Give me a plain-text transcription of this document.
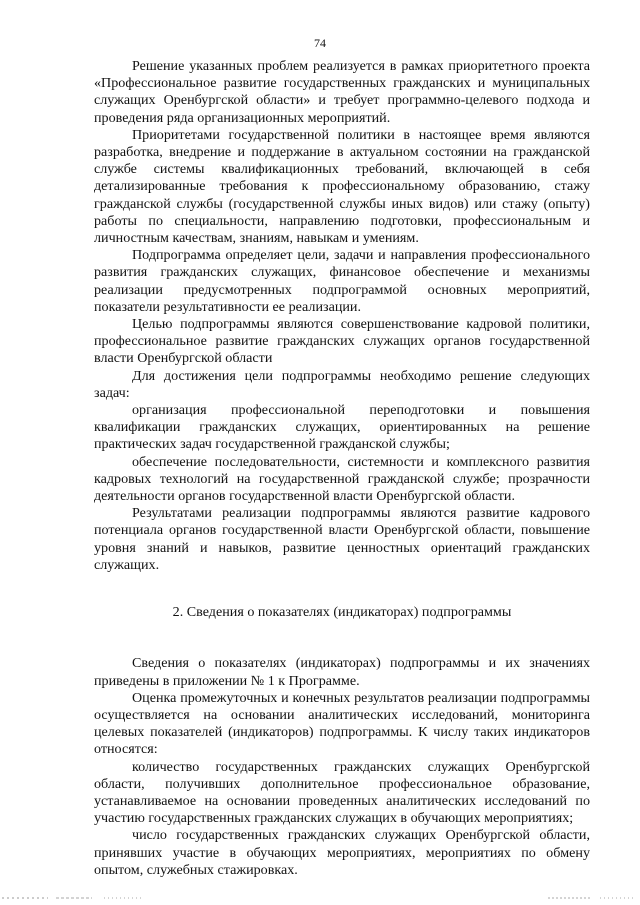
74

Решение указанных проблем реализуется в рамках приоритетного проекта «Профессиональное развитие государственных гражданских и муниципальных служащих Оренбургской области» и требует программно-целевого подхода и проведения ряда организационных мероприятий.

Приоритетами государственной политики в настоящее время являются разработка, внедрение и поддержание в актуальном состоянии на гражданской службе системы квалификационных требований, включающей в себя детализированные требования к профессиональному образованию, стажу гражданской службы (государственной службы иных видов) или стажу (опыту) работы по специальности, направлению подготовки, профессиональным и личностным качествам, знаниям, навыкам и умениям.

Подпрограмма определяет цели, задачи и направления профессионального развития гражданских служащих, финансовое обеспечение и механизмы реализации предусмотренных подпрограммой основных мероприятий, показатели результативности ее реализации.

Целью подпрограммы являются совершенствование кадровой политики, профессиональное развитие гражданских служащих органов государственной власти Оренбургской области

Для достижения цели подпрограммы необходимо решение следующих задач:

организация профессиональной переподготовки и повышения квалификации гражданских служащих, ориентированных на решение практических задач государственной гражданской службы;

обеспечение последовательности, системности и комплексного развития кадровых технологий на государственной гражданской службе; прозрачности деятельности органов государственной власти Оренбургской области.

Результатами реализации подпрограммы являются развитие кадрового потенциала органов государственной власти Оренбургской области, повышение уровня знаний и навыков, развитие ценностных ориентаций гражданских служащих.

2. Сведения о показателях (индикаторах) подпрограммы

Сведения о показателях (индикаторах) подпрограммы и их значениях приведены в приложении № 1 к Программе.

Оценка промежуточных и конечных результатов реализации подпрограммы осуществляется на основании аналитических исследований, мониторинга целевых показателей (индикаторов) подпрограммы. К числу таких индикаторов относятся:

количество государственных гражданских служащих Оренбургской области, получивших дополнительное профессиональное образование, устанавливаемое на основании проведенных аналитических исследований по участию государственных гражданских служащих в обучающих мероприятиях;

число государственных гражданских служащих Оренбургской области, принявших участие в обучающих мероприятиях, мероприятиях по обмену опытом, служебных стажировках.
